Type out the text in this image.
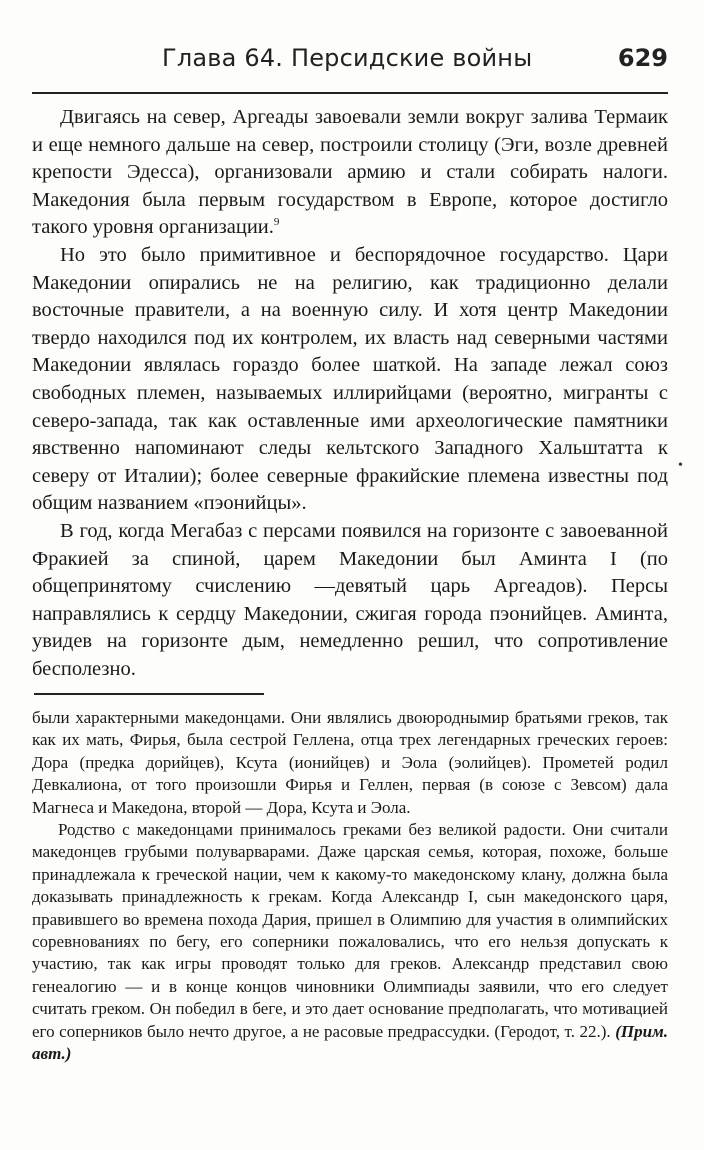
Глава 64. Персидские войны	629

Двигаясь на север, Аргеады завоевали земли вокруг залива Термаик и еще немного дальше на север, построили столицу (Эги, возле древней крепости Эдесса), организовали армию и стали собирать налоги. Македония была первым государством в Европе, которое достигло такого уровня организации.$^9$

Но это было примитивное и беспорядочное государство. Цари Македонии опирались не на религию, как традиционно делали восточные правители, а на военную силу. И хотя центр Македонии твердо находился под их контролем, их власть над северными частями Македонии являлась гораздо более шаткой. На западе лежал союз свободных племен, называемых иллирийцами (вероятно, мигранты с северо-запада, так как оставленные ими археологические памятники явственно напоминают следы кельтского Западного Хальштатта к северу от Италии); более северные фракийские племена известны под общим названием «пэонийцы».

В год, когда Мегабаз с персами появился на горизонте с завоеванной Фракией за спиной, царем Македонии был Аминта I (по общепринятому счислению —девятый царь Аргеадов). Персы направлялись к сердцу Македонии, сжигая города пэонийцев. Аминта, увидев на горизонте дым, немедленно решил, что сопротивление бесполезно.

•

были характерными македонцами. Они являлись двоюроднымир братьями греков, так как их мать, Фирья, была сестрой Геллена, отца трех легендарных греческих героев: Дора (предка дорийцев), Ксута (ионийцев) и Эола (эолийцев). Прометей родил Девкалиона, от того произошли Фирья и Геллен, первая (в союзе с Зевсом) дала Магнеса и Македона, второй — Дора, Ксута и Эола.

Родство с македонцами принималось греками без великой радости. Они считали македонцев грубыми полуварварами. Даже царская семья, которая, похоже, больше принадлежала к греческой нации, чем к какому-то македонскому клану, должна была доказывать принадлежность к грекам. Когда Александр I, сын македонского царя, правившего во времена похода Дария, пришел в Олимпию для участия в олимпийских соревнованиях по бегу, его соперники пожаловались, что его нельзя допускать к участию, так как игры проводят только для греков. Александр представил свою генеалогию — и в конце концов чиновники Олимпиады заявили, что его следует считать греком. Он победил в беге, и это дает основание предполагать, что мотивацией его соперников было нечто другое, а не расовые предрассудки. (Геродот, т. 22.). (Прим. авт.)
